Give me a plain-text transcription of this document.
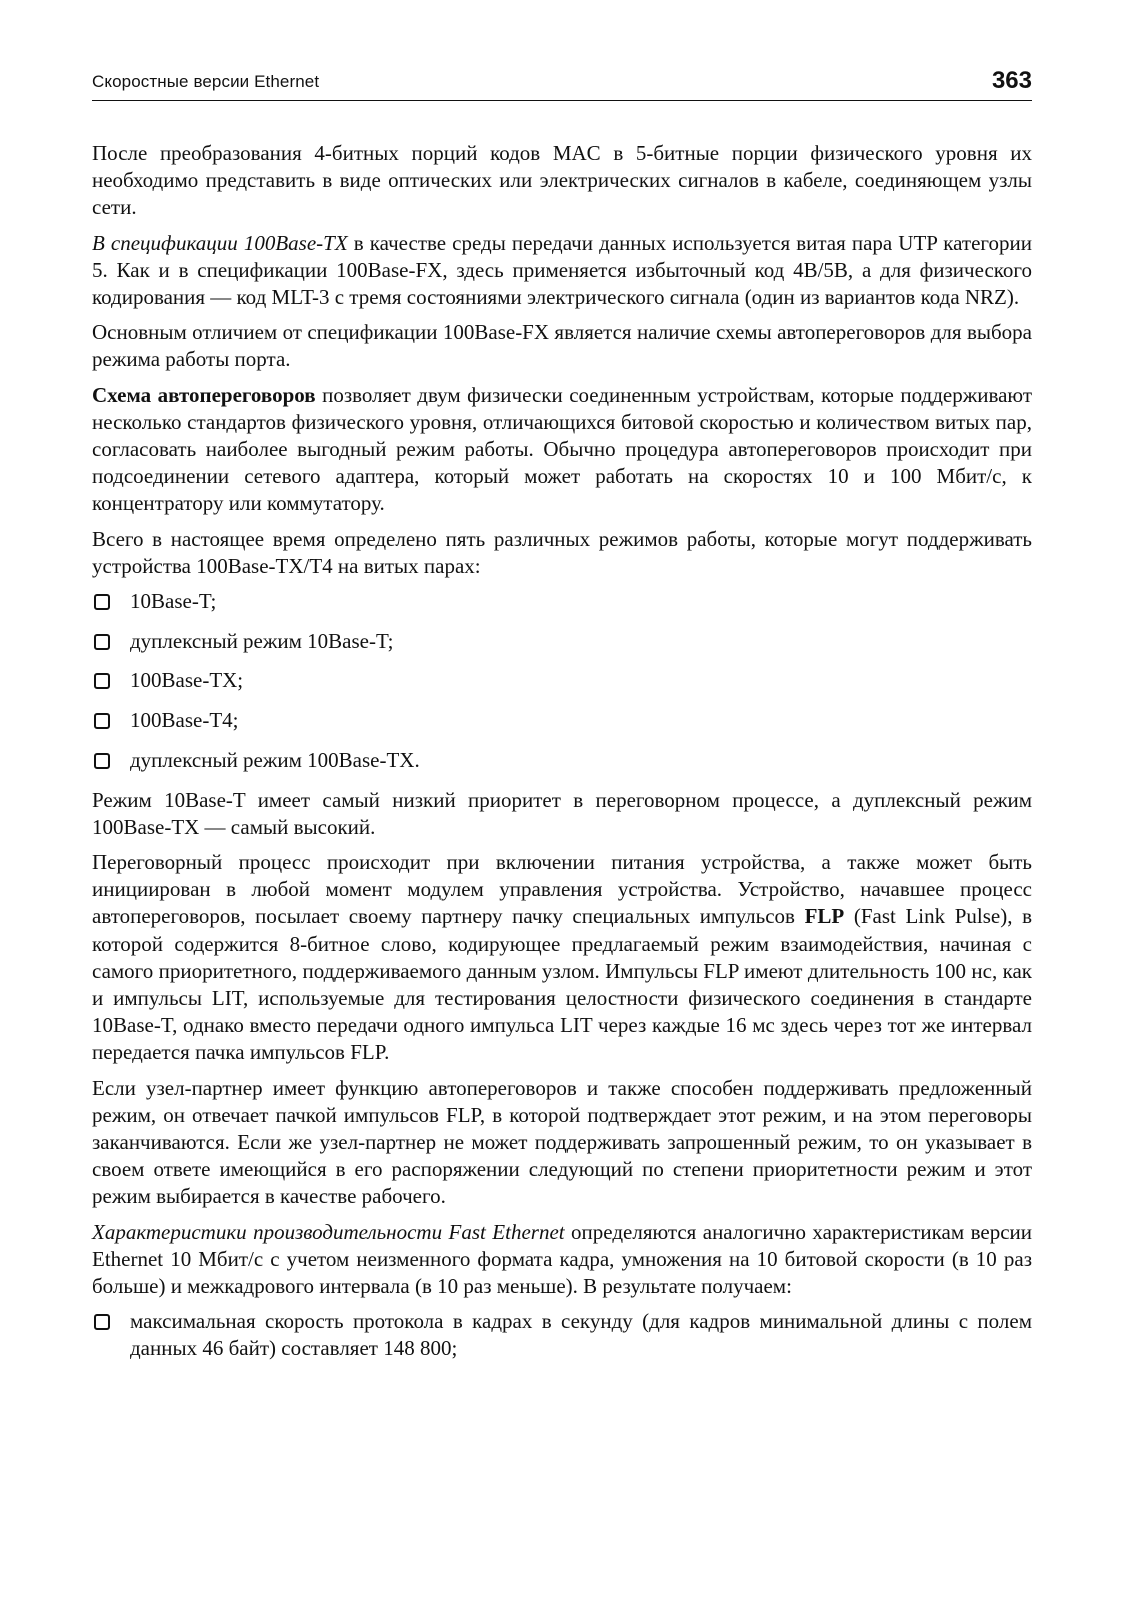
Скоростные версии Ethernet	363

После преобразования 4-битных порций кодов MAC в 5-битные порции физического уровня их необходимо представить в виде оптических или электрических сигналов в кабеле, соединяющем узлы сети.

В спецификации 100Base-TX в качестве среды передачи данных используется витая пара UTP категории 5. Как и в спецификации 100Base-FX, здесь применяется избыточный код 4B/5B, а для физического кодирования — код MLT-3 с тремя состояниями электрического сигнала (один из вариантов кода NRZ).

Основным отличием от спецификации 100Base-FX является наличие схемы автопереговоров для выбора режима работы порта.

Схема автопереговоров позволяет двум физически соединенным устройствам, которые поддерживают несколько стандартов физического уровня, отличающихся битовой скоростью и количеством витых пар, согласовать наиболее выгодный режим работы. Обычно процедура автопереговоров происходит при подсоединении сетевого адаптера, который может работать на скоростях 10 и 100 Мбит/с, к концентратору или коммутатору.

Всего в настоящее время определено пять различных режимов работы, которые могут поддерживать устройства 100Base-TX/T4 на витых парах:

10Base-T;
дуплексный режим 10Base-T;
100Base-TX;
100Base-T4;
дуплексный режим 100Base-TX.

Режим 10Base-T имеет самый низкий приоритет в переговорном процессе, а дуплексный режим 100Base-TX — самый высокий.

Переговорный процесс происходит при включении питания устройства, а также может быть инициирован в любой момент модулем управления устройства. Устройство, начавшее процесс автопереговоров, посылает своему партнеру пачку специальных импульсов FLP (Fast Link Pulse), в которой содержится 8-битное слово, кодирующее предлагаемый режим взаимодействия, начиная с самого приоритетного, поддерживаемого данным узлом. Импульсы FLP имеют длительность 100 нс, как и импульсы LIT, используемые для тестирования целостности физического соединения в стандарте 10Base-T, однако вместо передачи одного импульса LIT через каждые 16 мс здесь через тот же интервал передается пачка импульсов FLP.

Если узел-партнер имеет функцию автопереговоров и также способен поддерживать предложенный режим, он отвечает пачкой импульсов FLP, в которой подтверждает этот режим, и на этом переговоры заканчиваются. Если же узел-партнер не может поддерживать запрошенный режим, то он указывает в своем ответе имеющийся в его распоряжении следующий по степени приоритетности режим и этот режим выбирается в качестве рабочего.

Характеристики производительности Fast Ethernet определяются аналогично характеристикам версии Ethernet 10 Мбит/с с учетом неизменного формата кадра, умножения на 10 битовой скорости (в 10 раз больше) и межкадрового интервала (в 10 раз меньше). В результате получаем:

максимальная скорость протокола в кадрах в секунду (для кадров минимальной длины с полем данных 46 байт) составляет 148 800;
